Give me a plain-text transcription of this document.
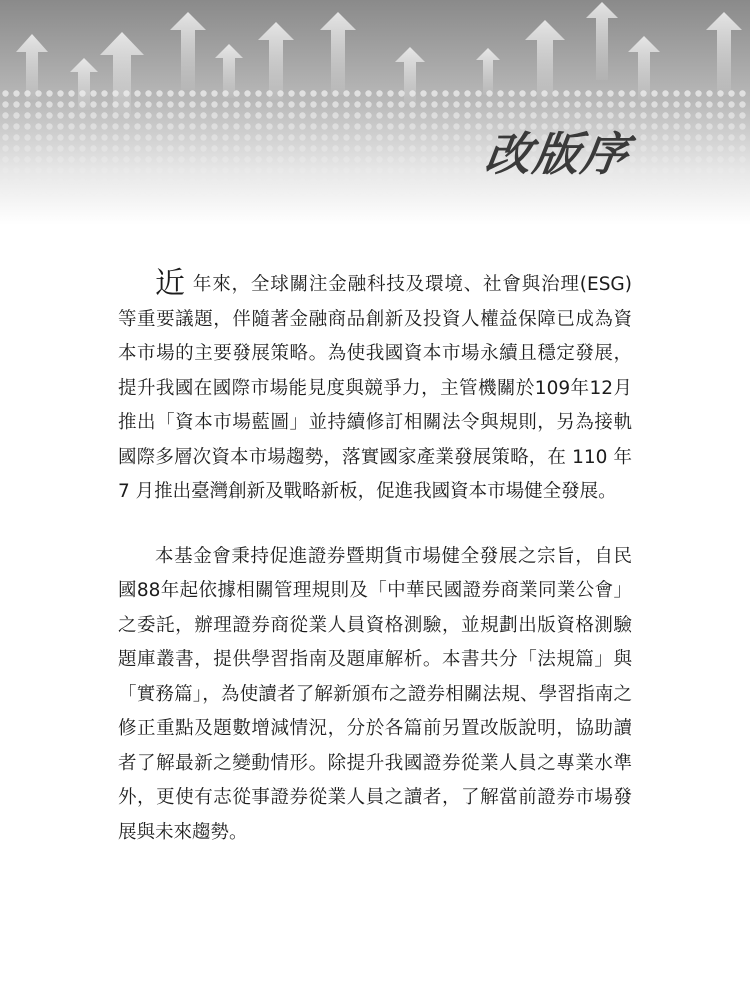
改版序

近年來，全球關注金融科技及環境、社會與治理(ESG)等重要議題，伴隨著金融商品創新及投資人權益保障已成為資本市場的主要發展策略。為使我國資本市場永續且穩定發展，提升我國在國際市場能見度與競爭力，主管機關於109年12月推出「資本市場藍圖」並持續修訂相關法令與規則，另為接軌國際多層次資本市場趨勢，落實國家產業發展策略，在 110 年 7 月推出臺灣創新及戰略新板，促進我國資本市場健全發展。

本基金會秉持促進證券暨期貨市場健全發展之宗旨，自民國88年起依據相關管理規則及「中華民國證券商業同業公會」之委託，辦理證券商從業人員資格測驗，並規劃出版資格測驗題庫叢書，提供學習指南及題庫解析。本書共分「法規篇」與「實務篇」，為使讀者了解新頒布之證券相關法規、學習指南之修正重點及題數增減情況，分於各篇前另置改版說明，協助讀者了解最新之變動情形。除提升我國證券從業人員之專業水準外，更使有志從事證券從業人員之讀者，了解當前證券市場發展與未來趨勢。
